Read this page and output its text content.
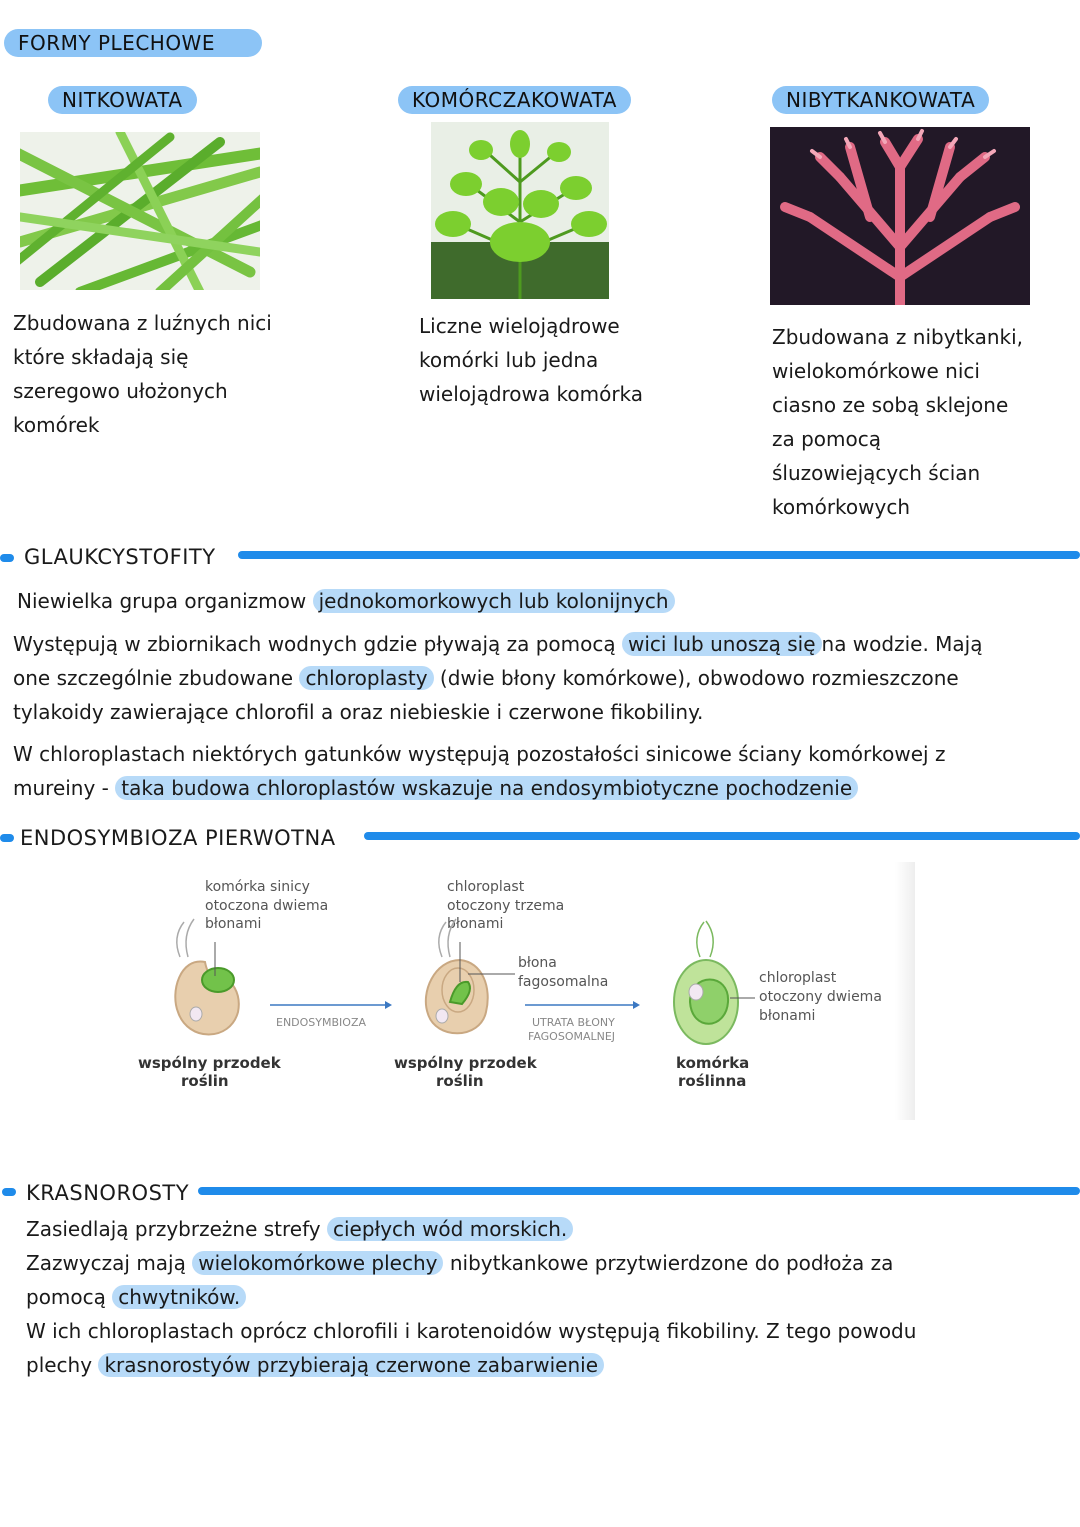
FORMY PLECHOWE
NITKOWATA	KOMÓRCZAKOWATA	NIBYTKANKOWATA
Zbudowana z luźnych nici
które składają się
szeregowo ułożonych
komórek
Liczne wielojądrowe
komórki lub jedna
wielojądrowa komórka
Zbudowana z nibytkanki,
wielokomórkowe nici
ciasno ze sobą sklejone
za pomocą
śluzowiejących ścian
komórkowych
GLAUKCYSTOFITY
Niewielka grupa organizmow jednokomorkowych lub kolonijnych
Występują w zbiornikach wodnych gdzie pływają za pomocą wici lub unoszą się na wodzie. Mają
one szczególnie zbudowane chloroplasty (dwie błony komórkowe), obwodowo rozmieszczone
tylakoidy zawierające chlorofil a oraz niebieskie i czerwone fikobiliny.
W chloroplastach niektórych gatunków występują pozostałości sinicowe ściany komórkowej z
mureiny - taka budowa chloroplastów wskazuje na endosymbiotyczne pochodzenie
ENDOSYMBIOZA PIERWOTNA
komórka sinicy
otoczona dwiema
błonami
chloroplast
otoczony trzema
błonami
błona
fagosomalna	chloroplast
otoczony dwiema
błonami
ENDOSYMBIOZA	UTRATA BŁONY
FAGOSOMALNEJ
wspólny przodek
roślin
wspólny przodek
roślin
komórka
roślinna
KRASNOROSTY
Zasiedlają przybrzeżne strefy ciepłych wód morskich.
Zazwyczaj mają wielokomórkowe plechy nibytkankowe przytwierdzone do podłoża za
pomocą chwytników.
W ich chloroplastach oprócz chlorofili i karotenoidów występują fikobiliny. Z tego powodu
plechy krasnorostyów przybierają czerwone zabarwienie
